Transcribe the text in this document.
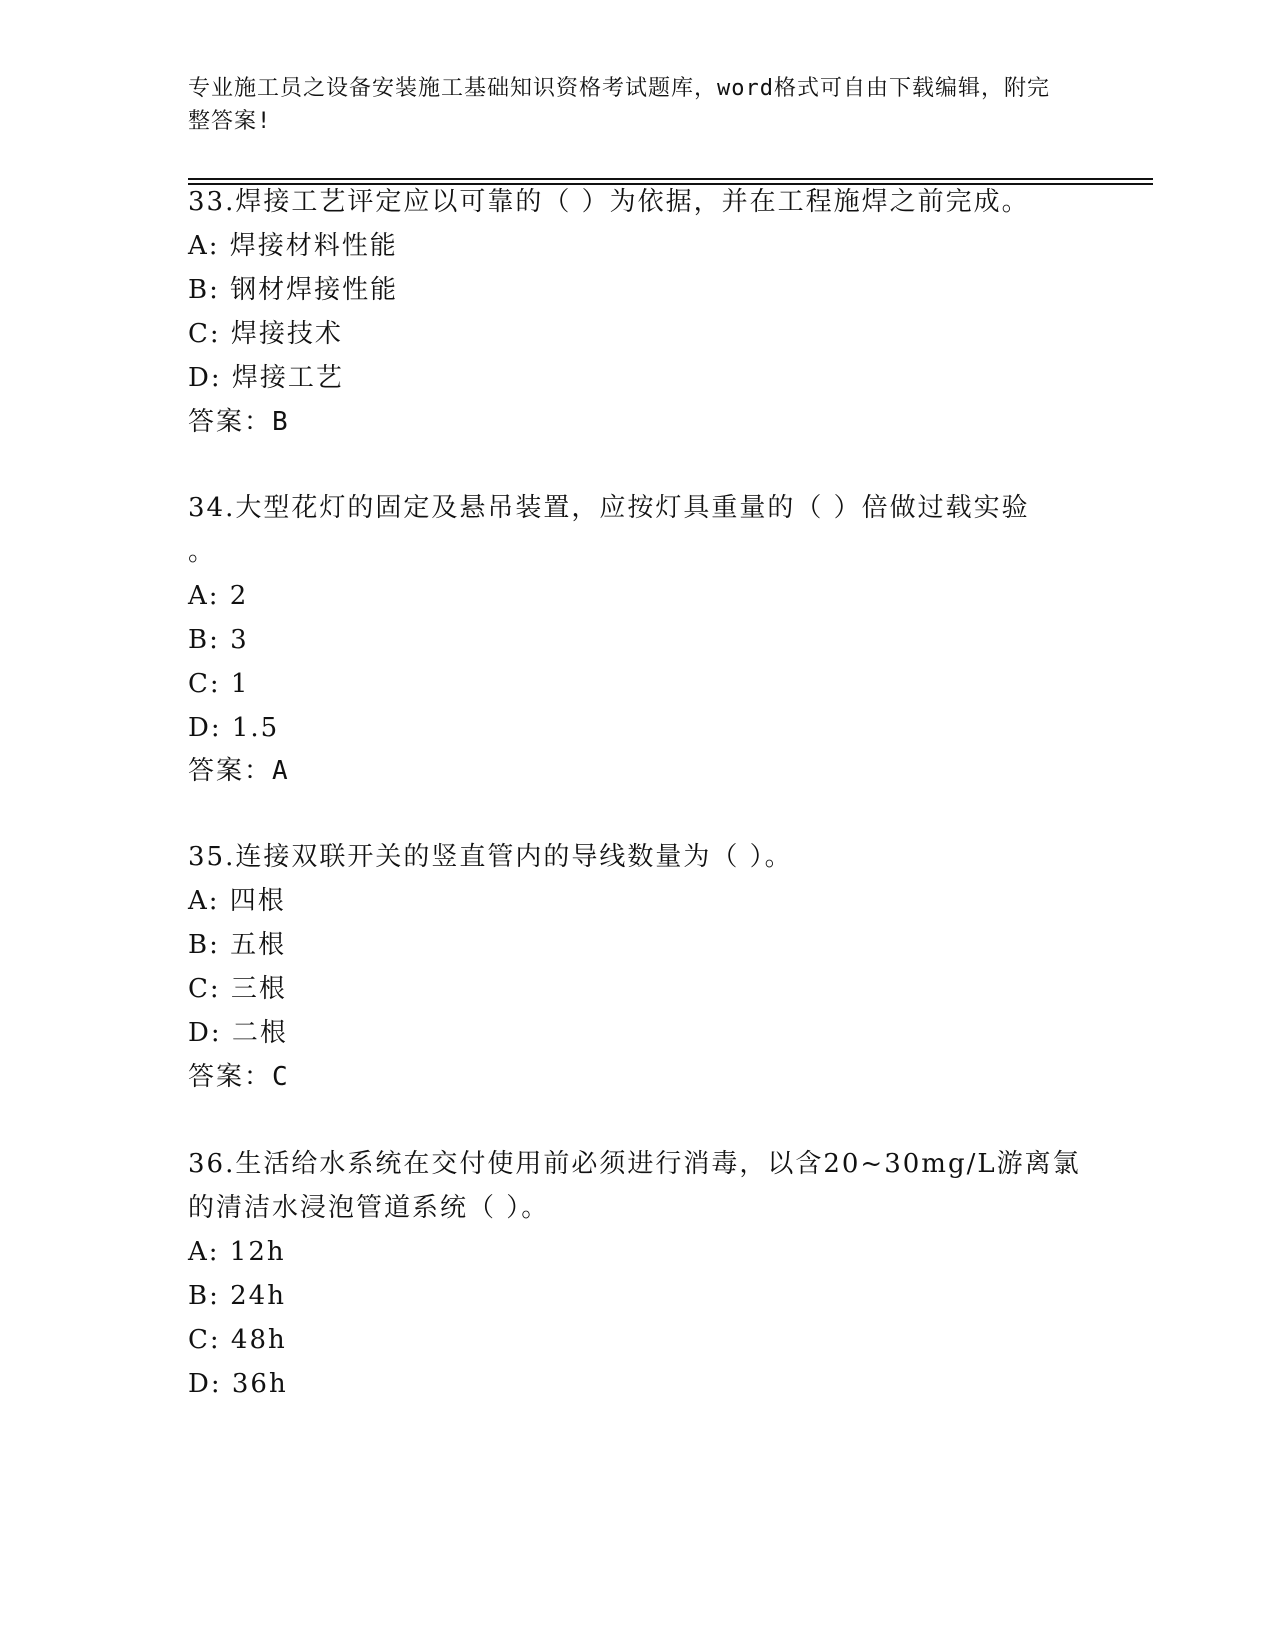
专业施工员之设备安装施工基础知识资格考试题库，word格式可自由下载编辑，附完整答案!
33.焊接工艺评定应以可靠的（ ）为依据，并在工程施焊之前完成。
A: 焊接材料性能
B: 钢材焊接性能
C: 焊接技术
D: 焊接工艺
答案：B
34.大型花灯的固定及悬吊装置，应按灯具重量的（ ）倍做过载实验
。
A: 2
B: 3
C: 1
D: 1.5
答案：A
35.连接双联开关的竖直管内的导线数量为（ ）。
A: 四根
B: 五根
C: 三根
D: 二根
答案：C
36.生活给水系统在交付使用前必须进行消毒，以含20~30mg/L游离氯
的清洁水浸泡管道系统（ ）。
A: 12h
B: 24h
C: 48h
D: 36h
